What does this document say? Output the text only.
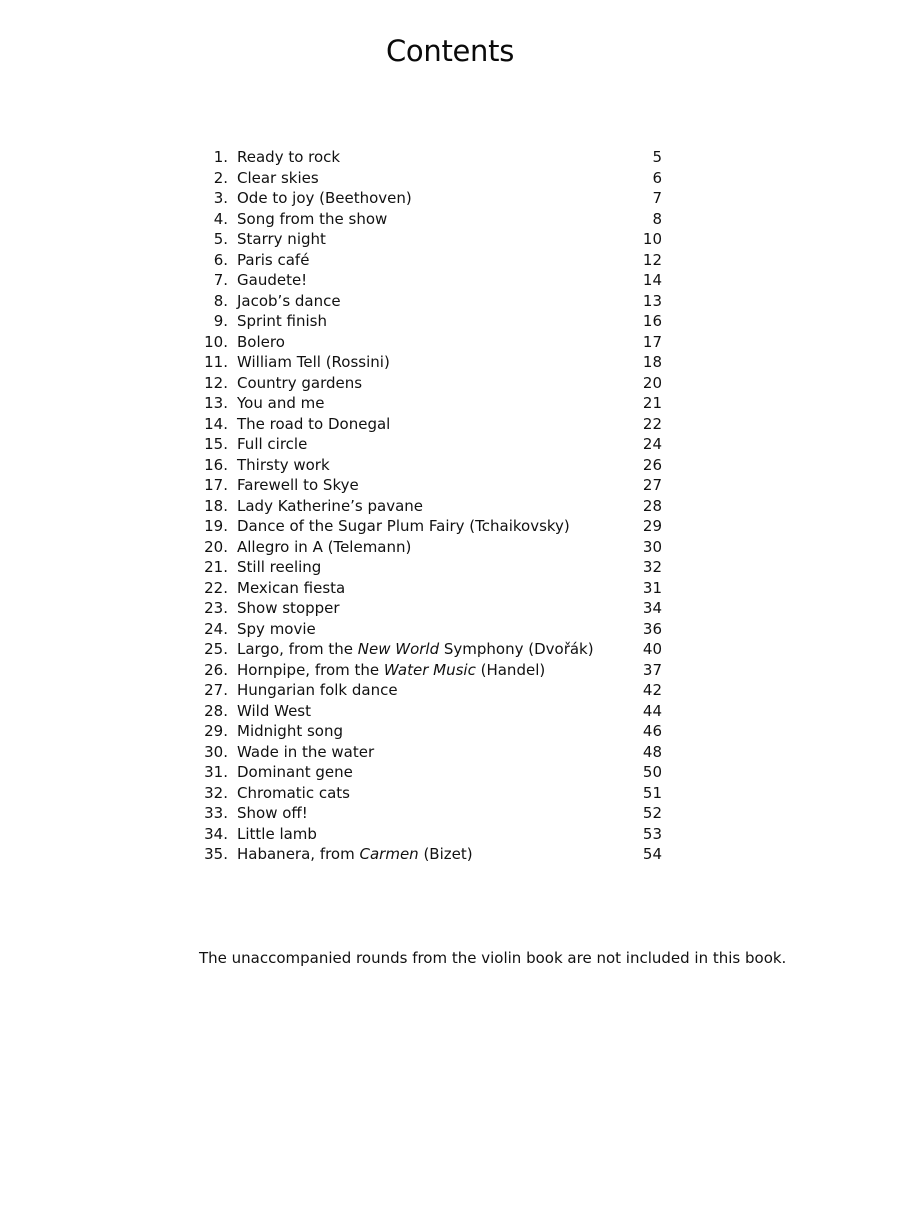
Contents
1. Ready to rock	5
2. Clear skies	6
3. Ode to joy (Beethoven)	7
4. Song from the show	8
5. Starry night	10
6. Paris café	12
7. Gaudete!	14
8. Jacob’s dance	13
9. Sprint finish	16
10. Bolero	17
11. William Tell (Rossini)	18
12. Country gardens	20
13. You and me	21
14. The road to Donegal	22
15. Full circle	24
16. Thirsty work	26
17. Farewell to Skye	27
18. Lady Katherine’s pavane	28
19. Dance of the Sugar Plum Fairy (Tchaikovsky)	29
20. Allegro in A (Telemann)	30
21. Still reeling	32
22. Mexican fiesta	31
23. Show stopper	34
24. Spy movie	36
25. Largo, from the New World Symphony (Dvořák)	40
26. Hornpipe, from the Water Music (Handel)	37
27. Hungarian folk dance	42
28. Wild West	44
29. Midnight song	46
30. Wade in the water	48
31. Dominant gene	50
32. Chromatic cats	51
33. Show off!	52
34. Little lamb	53
35. Habanera, from Carmen (Bizet)	54

The unaccompanied rounds from the violin book are not included in this book.
